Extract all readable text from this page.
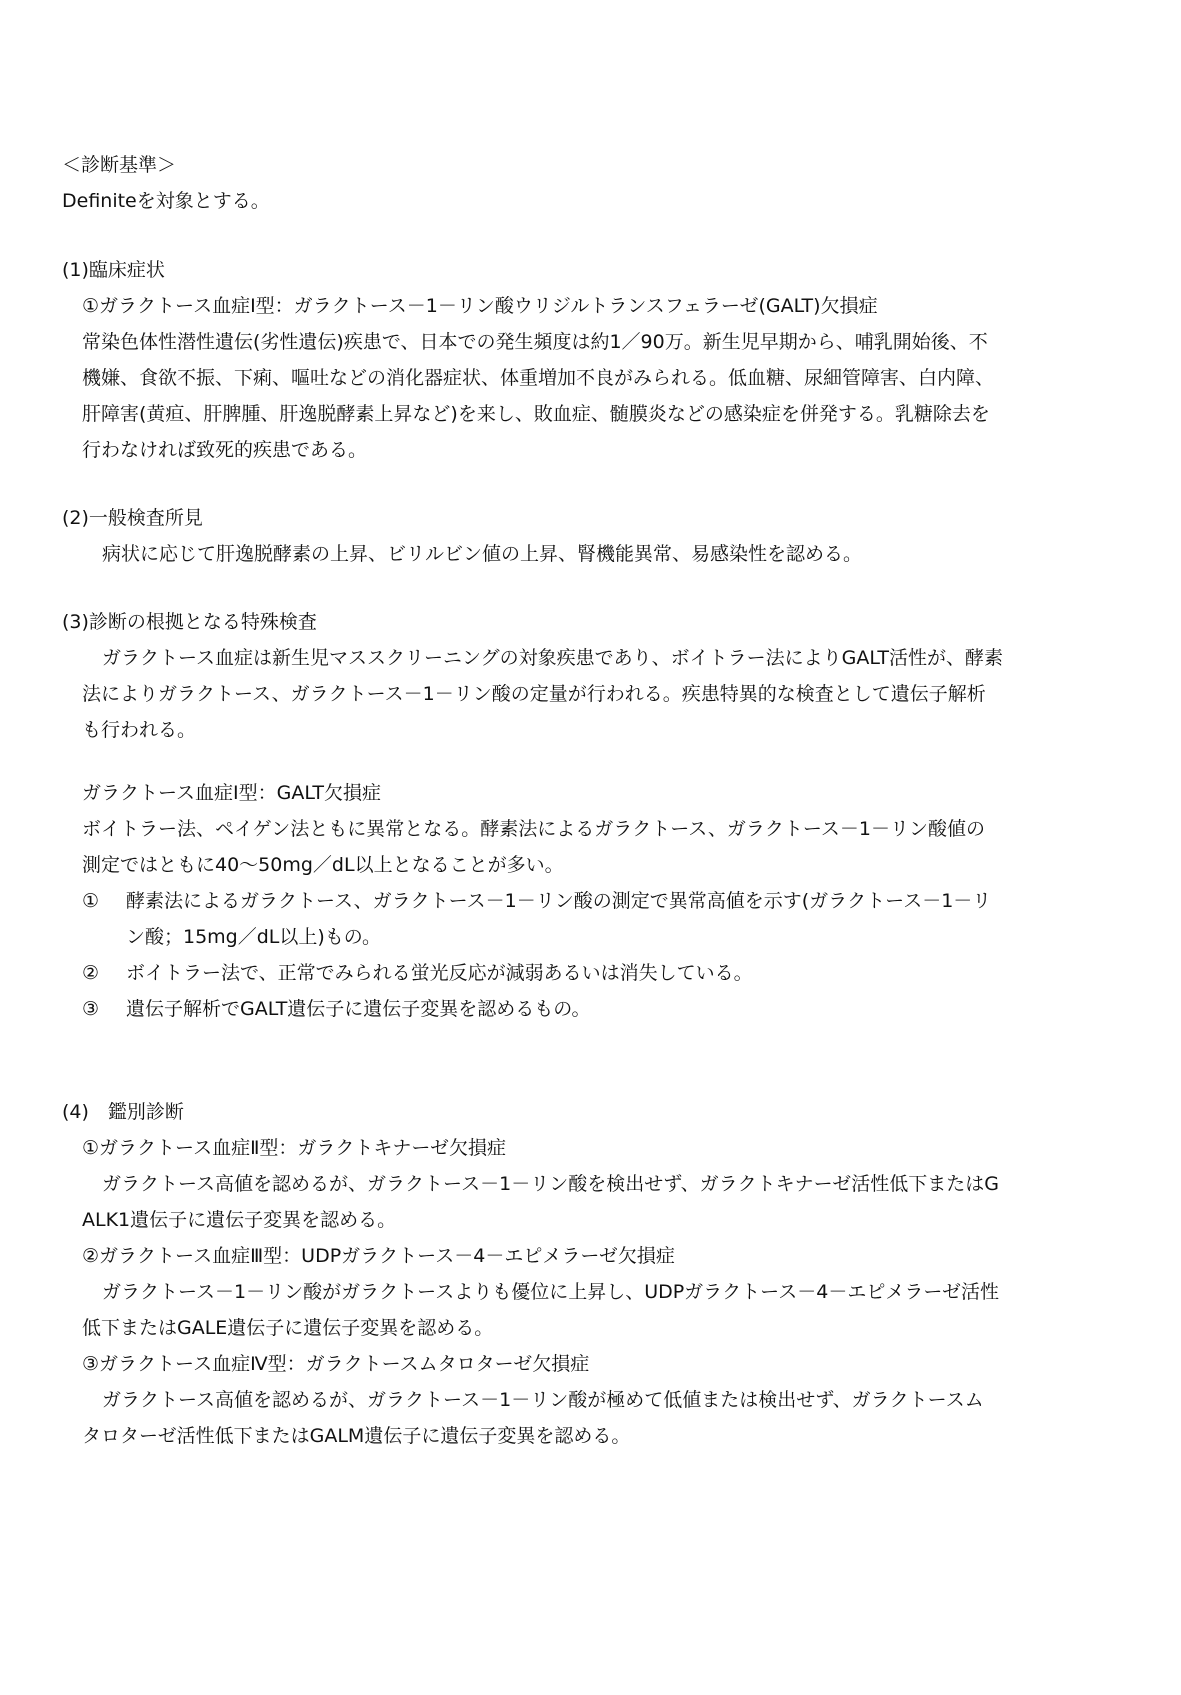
＜診断基準＞
Definiteを対象とする。
(1)臨床症状
①ガラクトース血症Ⅰ型：ガラクトース－1－リン酸ウリジルトランスフェラーゼ(GALT)欠損症
常染色体性潜性遺伝(劣性遺伝)疾患で、日本での発生頻度は約1／90万。新生児早期から、哺乳開始後、不
機嫌、食欲不振、下痢、嘔吐などの消化器症状、体重増加不良がみられる。低血糖、尿細管障害、白内障、
肝障害(黄疸、肝脾腫、肝逸脱酵素上昇など)を来し、敗血症、髄膜炎などの感染症を併発する。乳糖除去を
行わなければ致死的疾患である。
(2)一般検査所見
病状に応じて肝逸脱酵素の上昇、ビリルビン値の上昇、腎機能異常、易感染性を認める。
(3)診断の根拠となる特殊検査
ガラクトース血症は新生児マススクリーニングの対象疾患であり、ボイトラー法によりGALT活性が、酵素
法によりガラクトース、ガラクトース－1－リン酸の定量が行われる。疾患特異的な検査として遺伝子解析
も行われる。
ガラクトース血症Ⅰ型：GALT欠損症
ボイトラー法、ペイゲン法ともに異常となる。酵素法によるガラクトース、ガラクトース－1－リン酸値の
測定ではともに40～50mg／dL以上となることが多い。
① 酵素法によるガラクトース、ガラクトース－1－リン酸の測定で異常高値を示す(ガラクトース－1－リ
ン酸；15mg／dL以上)もの。
② ボイトラー法で、正常でみられる蛍光反応が減弱あるいは消失している。
③ 遺伝子解析でGALT遺伝子に遺伝子変異を認めるもの。
(4)　鑑別診断
①ガラクトース血症Ⅱ型：ガラクトキナーゼ欠損症
ガラクトース高値を認めるが、ガラクトース－1－リン酸を検出せず、ガラクトキナーゼ活性低下またはG
ALK1遺伝子に遺伝子変異を認める。
②ガラクトース血症Ⅲ型：UDPガラクトース－4－エピメラーゼ欠損症
ガラクトース－1－リン酸がガラクトースよりも優位に上昇し、UDPガラクトース－4－エピメラーゼ活性
低下またはGALE遺伝子に遺伝子変異を認める。
③ガラクトース血症Ⅳ型：ガラクトースムタロターゼ欠損症
ガラクトース高値を認めるが、ガラクトース－1－リン酸が極めて低値または検出せず、ガラクトースム
タロターゼ活性低下またはGALM遺伝子に遺伝子変異を認める。
